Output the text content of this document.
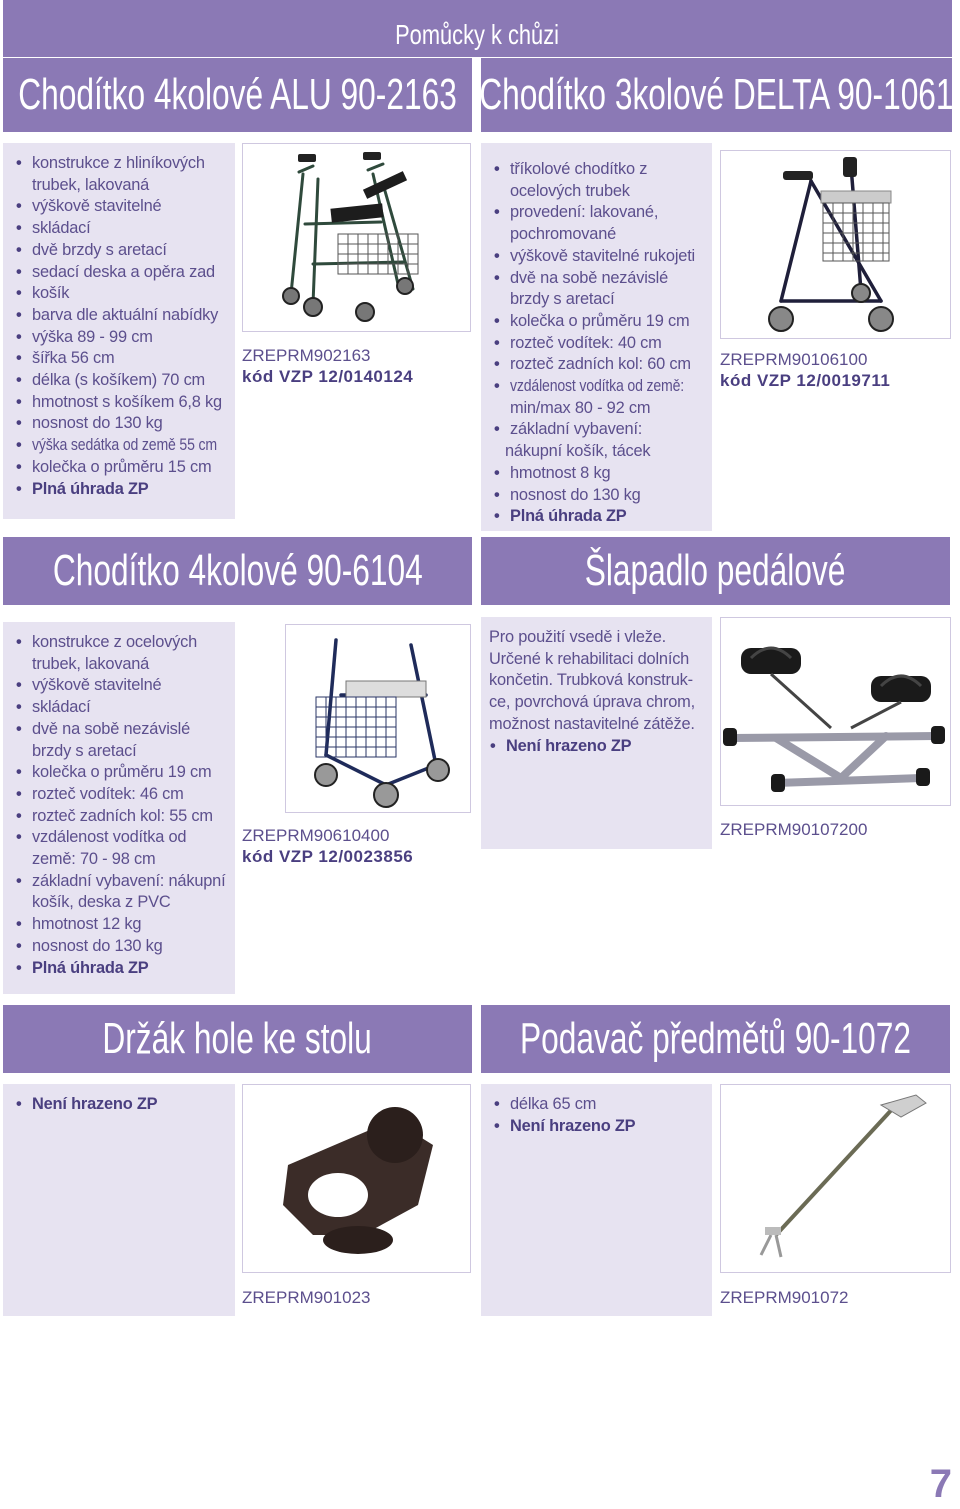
Pomůcky k chůzi
Chodítko 4kolové ALU 90-2163 Chodítko 3kolové DELTA 90-1061
• konstrukce z hliníkových
trubek, lakovaná
• výškově stavitelné
• skládací
• dvě brzdy s aretací
• sedací deska a opěra zad
• košík
• barva dle aktuální nabídky
• výška 89 - 99 cm
• šířka 56 cm
• délka (s košíkem) 70 cm
• hmotnost s košíkem 6,8 kg
• nosnost do 130 kg
• výška sedátka od země 55 cm
• kolečka o průměru 15 cm
• Plná úhrada ZP
ZREPRM902163
kód VZP 12/0140124
• tříkolové chodítko z
ocelových trubek
• provedení: lakované,
pochromované
• výškově stavitelné rukojeti
• dvě na sobě nezávislé
brzdy s aretací
• kolečka o průměru 19 cm
• rozteč vodítek: 40 cm
• rozteč zadních kol: 60 cm
• vzdálenost vodítka od země:
min/max 80 - 92 cm
• základní vybavení:
nákupní košík, tácek
• hmotnost 8 kg
• nosnost do 130 kg
• Plná úhrada ZP
ZREPRM90106100
kód VZP 12/0019711
Chodítko 4kolové 90-6104	Šlapadlo pedálové
• konstrukce z ocelových
trubek, lakovaná
• výškově stavitelné
• skládací
• dvě na sobě nezávislé
brzdy s aretací
• kolečka o průměru 19 cm
• rozteč vodítek: 46 cm
• rozteč zadních kol: 55 cm
• vzdálenost vodítka od
země: 70 - 98 cm
• základní vybavení: nákupní
košík, deska z PVC
• hmotnost 12 kg
• nosnost do 130 kg
• Plná úhrada ZP
ZREPRM90610400
kód VZP 12/0023856
Pro použití vsedě i vleže.
Určené k rehabilitaci dolních
končetin. Trubková konstruk-
ce, povrchová úprava chrom,
možnost nastavitelné zátěže.
• Není hrazeno ZP
ZREPRM90107200
Držák hole ke stolu	Podavač předmětů 90-1072
• Není hrazeno ZP
ZREPRM901023
• délka 65 cm
• Není hrazeno ZP
ZREPRM901072
7
